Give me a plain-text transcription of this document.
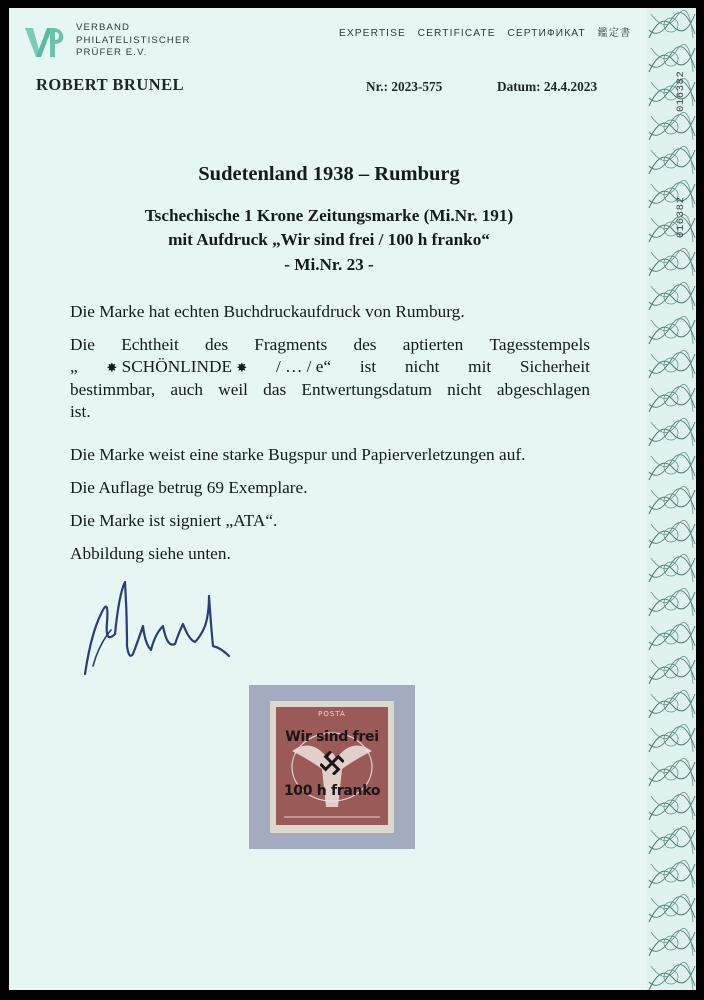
016382
016382
VERBAND
PHILATELISTISCHER
PRÜFER E.V.
ROBERT BRUNEL
EXPERTISE   CERTIFICATE   СЕРТИФИКАТ   鑑定書
Nr.: 2023-575	Datum: 24.4.2023
Sudetenland 1938 – Rumburg
Tschechische 1 Krone Zeitungsmarke (Mi.Nr. 191)
mit Aufdruck „Wir sind frei / 100 h franko“
- Mi.Nr. 23 -
Die Marke hat echten Buchdruckaufdruck von Rumburg.
Die Echtheit des Fragments des aptierten Tagesstempels
„ ✸ SCHÖNLINDE ✸ / … / e“ ist nicht mit Sicherheit
bestimmbar, auch weil das Entwertungsdatum nicht abgeschlagen
ist.
Die Marke weist eine starke Bugspur und Papierverletzungen auf.
Die Auflage betrug 69 Exemplare.
Die Marke ist signiert „ATA“.
Abbildung siehe unten.
POSTA
Wir sind frei
100 h franko
